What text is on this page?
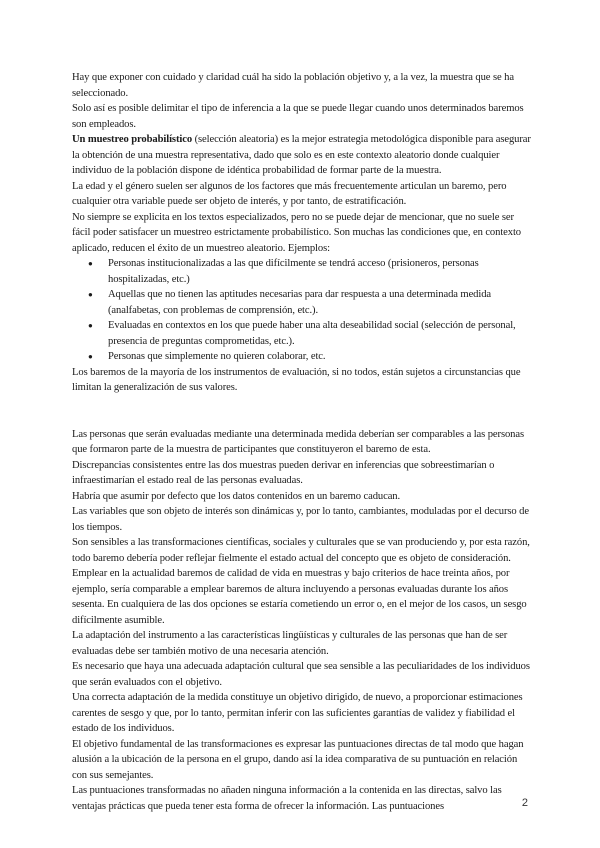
Hay que exponer con cuidado y claridad cuál ha sido la población objetivo y, a la vez, la muestra que se ha seleccionado.

Solo así es posible delimitar el tipo de inferencia a la que se puede llegar cuando unos determinados baremos son empleados.

Un muestreo probabilístico (selección aleatoria) es la mejor estrategia metodológica disponible para asegurar la obtención de una muestra representativa, dado que solo es en este contexto aleatorio donde cualquier individuo de la población dispone de idéntica probabilidad de formar parte de la muestra.

La edad y el género suelen ser algunos de los factores que más frecuentemente articulan un baremo, pero cualquier otra variable puede ser objeto de interés, y por tanto, de estratificación.

No siempre se explicita en los textos especializados, pero no se puede dejar de mencionar, que no suele ser fácil poder satisfacer un muestreo estrictamente probabilístico. Son muchas las condiciones que, en contexto aplicado, reducen el éxito de un muestreo aleatorio. Ejemplos:

● Personas institucionalizadas a las que difícilmente se tendrá acceso (prisioneros, personas hospitalizadas, etc.)
● Aquellas que no tienen las aptitudes necesarias para dar respuesta a una determinada medida (analfabetas, con problemas de comprensión, etc.).
● Evaluadas en contextos en los que puede haber una alta deseabilidad social (selección de personal, presencia de preguntas comprometidas, etc.).
● Personas que simplemente no quieren colaborar, etc.

Los baremos de la mayoría de los instrumentos de evaluación, si no todos, están sujetos a circunstancias que limitan la generalización de sus valores.

Las personas que serán evaluadas mediante una determinada medida deberían ser comparables a las personas que formaron parte de la muestra de participantes que constituyeron el baremo de esta.

Discrepancias consistentes entre las dos muestras pueden derivar en inferencias que sobreestimarían o infraestimarían el estado real de las personas evaluadas.

Habría que asumir por defecto que los datos contenidos en un baremo caducan.

Las variables que son objeto de interés son dinámicas y, por lo tanto, cambiantes, moduladas por el decurso de los tiempos.

Son sensibles a las transformaciones científicas, sociales y culturales que se van produciendo y, por esta razón, todo baremo debería poder reflejar fielmente el estado actual del concepto que es objeto de consideración. Emplear en la actualidad baremos de calidad de vida en muestras y bajo criterios de hace treinta años, por ejemplo, sería comparable a emplear baremos de altura incluyendo a personas evaluadas durante los años sesenta. En cualquiera de las dos opciones se estaría cometiendo un error o, en el mejor de los casos, un sesgo difícilmente asumible.

La adaptación del instrumento a las características lingüísticas y culturales de las personas que han de ser evaluadas debe ser también motivo de una necesaria atención.

Es necesario que haya una adecuada adaptación cultural que sea sensible a las peculiaridades de los individuos que serán evaluados con el objetivo.

Una correcta adaptación de la medida constituye un objetivo dirigido, de nuevo, a proporcionar estimaciones carentes de sesgo y que, por lo tanto, permitan inferir con las suficientes garantías de validez y fiabilidad el estado de los individuos.

El objetivo fundamental de las transformaciones es expresar las puntuaciones directas de tal modo que hagan alusión a la ubicación de la persona en el grupo, dando así la idea comparativa de su puntuación en relación con sus semejantes.

Las puntuaciones transformadas no añaden ninguna información a la contenida en las directas, salvo las ventajas prácticas que pueda tener esta forma de ofrecer la información. Las puntuaciones	2
